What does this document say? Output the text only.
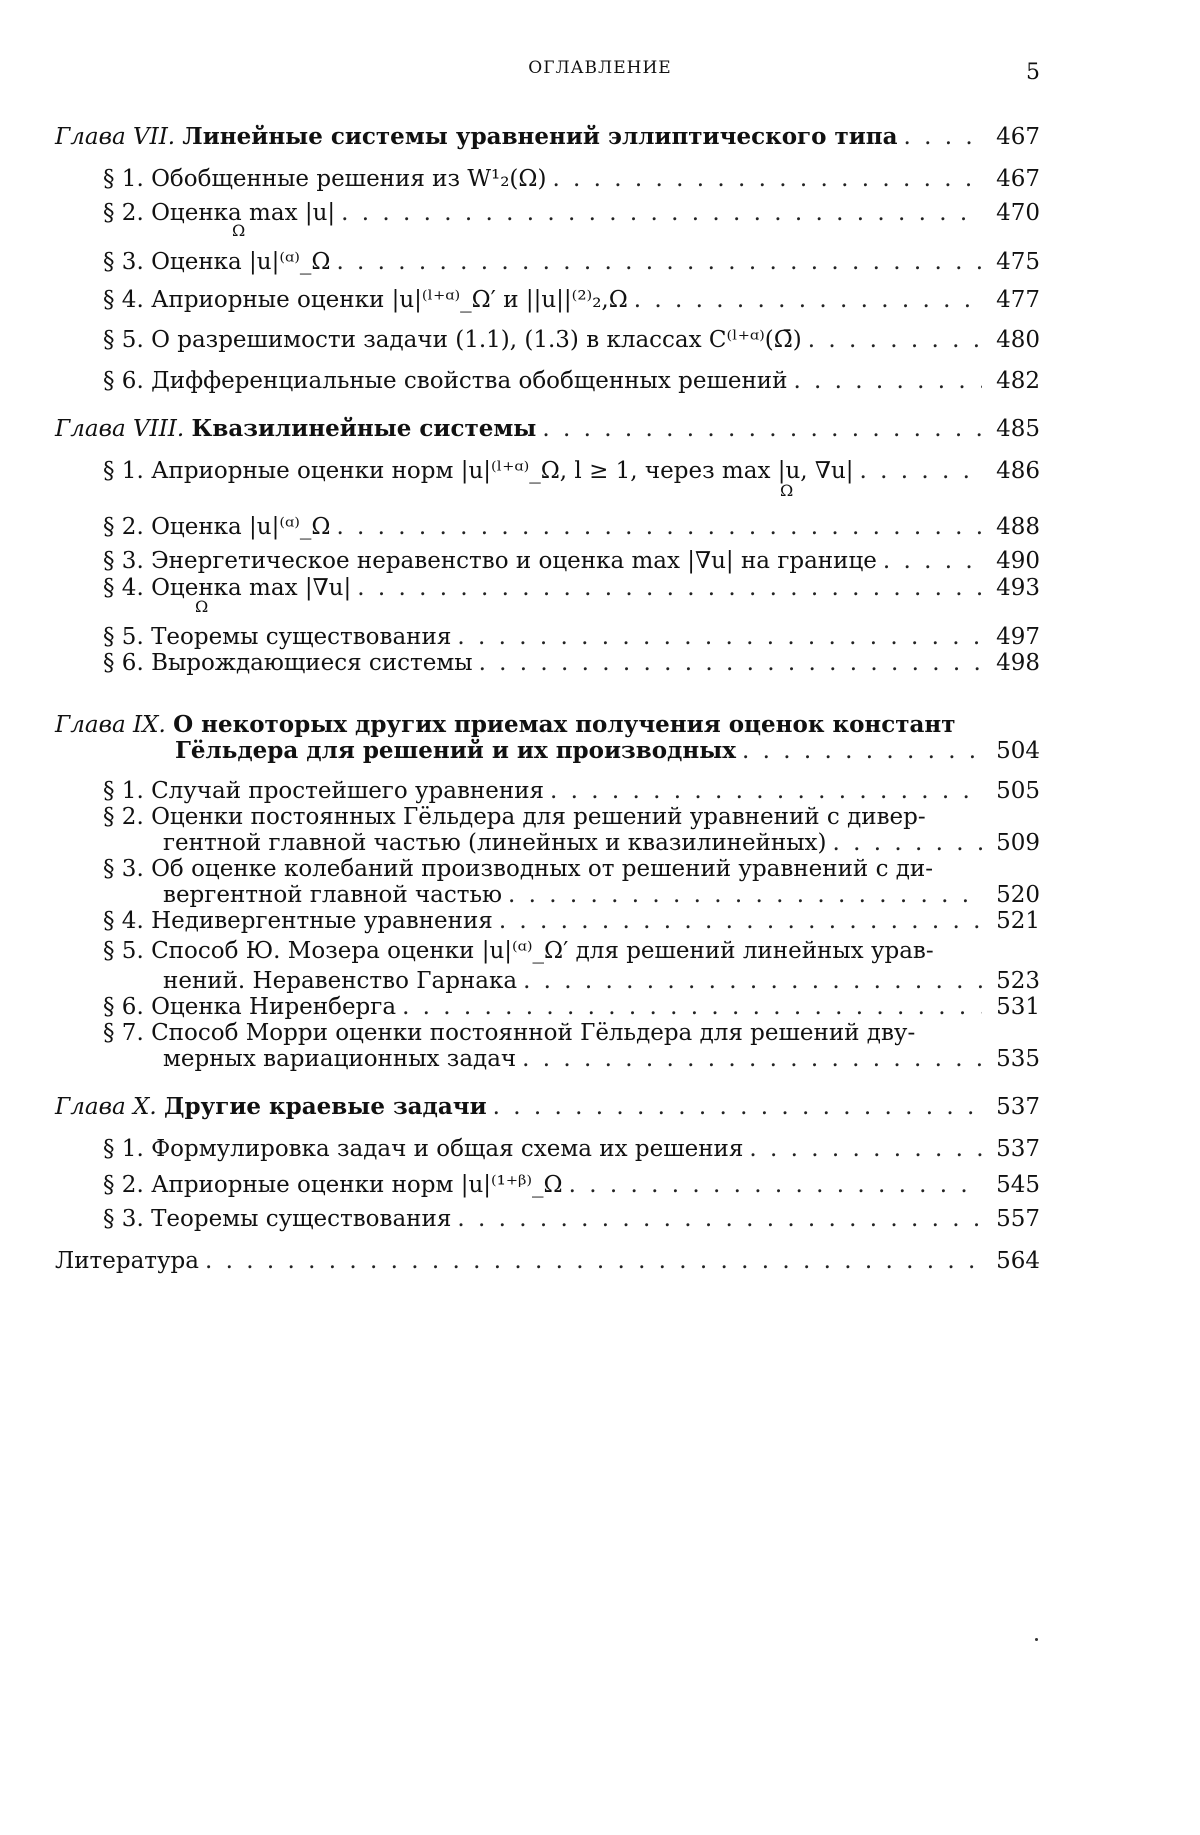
ОГЛАВЛЕНИЕ	5
Глава VII. Линейные системы уравнений эллиптического типа
. . .	467
§ 1. Обобщенные решения из W¹₂(Ω)
. . .	467
§ 2. Оценка max |u|
. . .	470
Ω
§ 3. Оценка |u|⁽ᵅ⁾_Ω
. . .	475
§ 4. Априорные оценки |u|⁽ˡ⁺ᵅ⁾_Ω′ и ||u||⁽²⁾₂,Ω
. . .	477
§ 5. О разрешимости задачи (1.1), (1.3) в классах C⁽ˡ⁺ᵅ⁾(Ω̄)
. . .	480
§ 6. Дифференциальные свойства обобщенных решений
. . .	482
Глава VIII. Квазилинейные системы
. . .	485
§ 1. Априорные оценки норм |u|⁽ˡ⁺ᵅ⁾_Ω, l ≥ 1, через max |u, ∇u|
. . .	486
Ω
§ 2. Оценка |u|⁽ᵅ⁾_Ω
. . .	488
§ 3. Энергетическое неравенство и оценка max |∇u| на границе
. . .	490
§ 4. Оценка max |∇u|
. . .	493
Ω
§ 5. Теоремы существования
. . .	497
§ 6. Вырождающиеся системы
. . .	498
Глава IX. О некоторых других приемах получения оценок констант
Гёльдера для решений и их производных
. . .	504
§ 1. Случай простейшего уравнения
. . .	505
§ 2. Оценки постоянных Гёльдера для решений уравнений с дивер-
гентной главной частью (линейных и квазилинейных)
. . .	509
§ 3. Об оценке колебаний производных от решений уравнений с ди-
вергентной главной частью
. . .	520
§ 4. Недивергентные уравнения
. . .	521
§ 5. Способ Ю. Мозера оценки |u|⁽ᵅ⁾_Ω′ для решений линейных урав-
нений. Неравенство Гарнака
. . .	523
§ 6. Оценка Ниренберга
. . .	531
§ 7. Способ Морри оценки постоянной Гёльдера для решений дву-
мерных вариационных задач
. . .	535
Глава X. Другие краевые задачи
. . .	537
§ 1. Формулировка задач и общая схема их решения
. . .	537
§ 2. Априорные оценки норм |u|⁽¹⁺ᵝ⁾_Ω
. . .	545
§ 3. Теоремы существования
. . .	557
Литература
. . .	564
